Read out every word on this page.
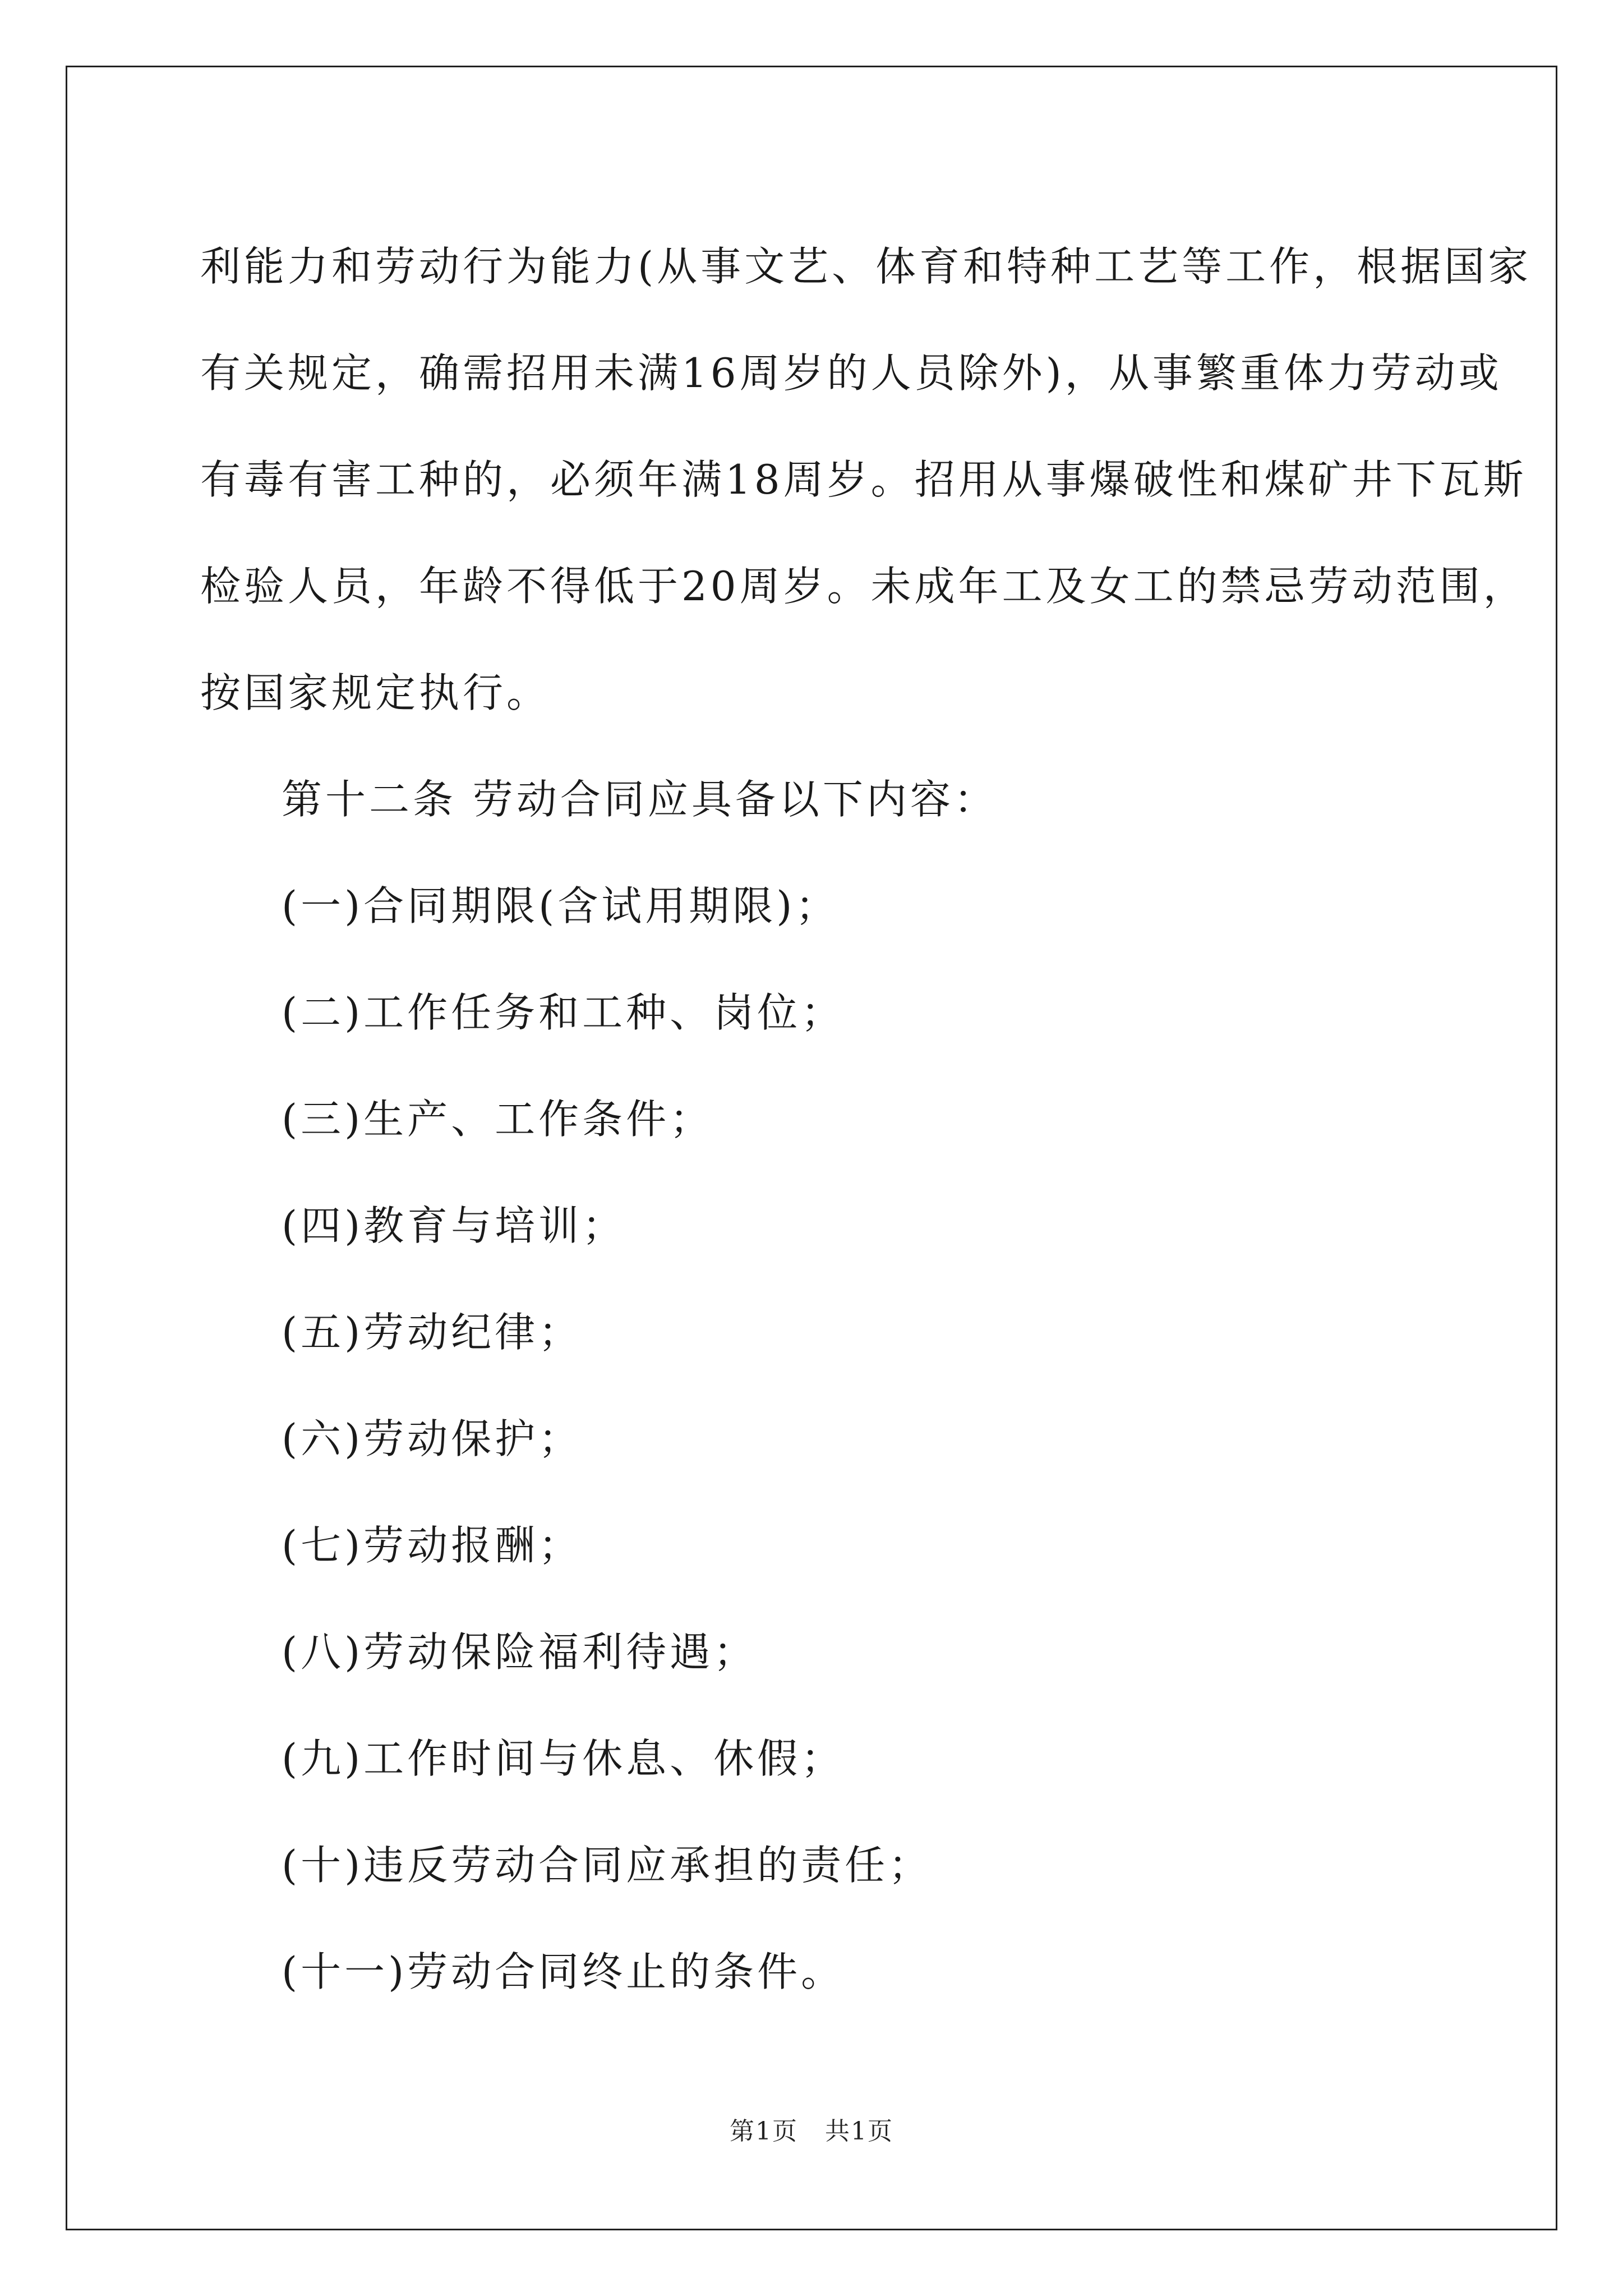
利能力和劳动行为能力(从事文艺、体育和特种工艺等工作，根据国家

有关规定，确需招用未满16周岁的人员除外)，从事繁重体力劳动或

有毒有害工种的，必须年满18周岁。招用从事爆破性和煤矿井下瓦斯

检验人员，年龄不得低于20周岁。未成年工及女工的禁忌劳动范围，

按国家规定执行。

第十二条 劳动合同应具备以下内容：

(一)合同期限(含试用期限)；

(二)工作任务和工种、岗位；

(三)生产、工作条件；

(四)教育与培训；

(五)劳动纪律；

(六)劳动保护；

(七)劳动报酬；

(八)劳动保险福利待遇；

(九)工作时间与休息、休假；

(十)违反劳动合同应承担的责任；

(十一)劳动合同终止的条件。

第1页   共1页
